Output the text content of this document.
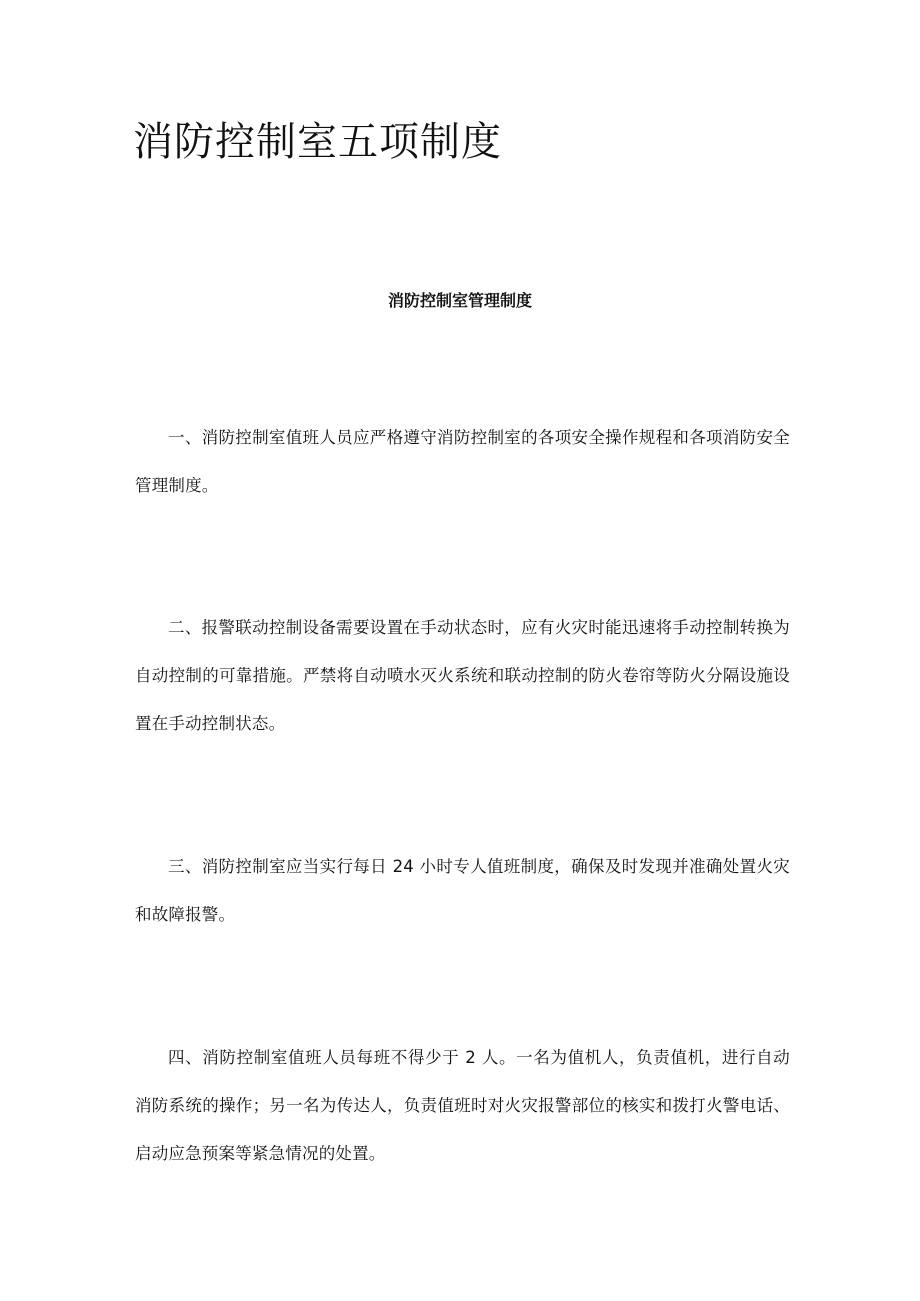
消防控制室五项制度
消防控制室管理制度

一、消防控制室值班人员应严格遵守消防控制室的各项安全操作规程和各项消防安全管理制度。

二、报警联动控制设备需要设置在手动状态时，应有火灾时能迅速将手动控制转换为自动控制的可靠措施。严禁将自动喷水灭火系统和联动控制的防火卷帘等防火分隔设施设置在手动控制状态。

三、消防控制室应当实行每日 24 小时专人值班制度，确保及时发现并准确处置火灾和故障报警。

四、消防控制室值班人员每班不得少于 2 人。一名为值机人，负责值机，进行自动消防系统的操作；另一名为传达人，负责值班时对火灾报警部位的核实和拨打火警电话、启动应急预案等紧急情况的处置。
